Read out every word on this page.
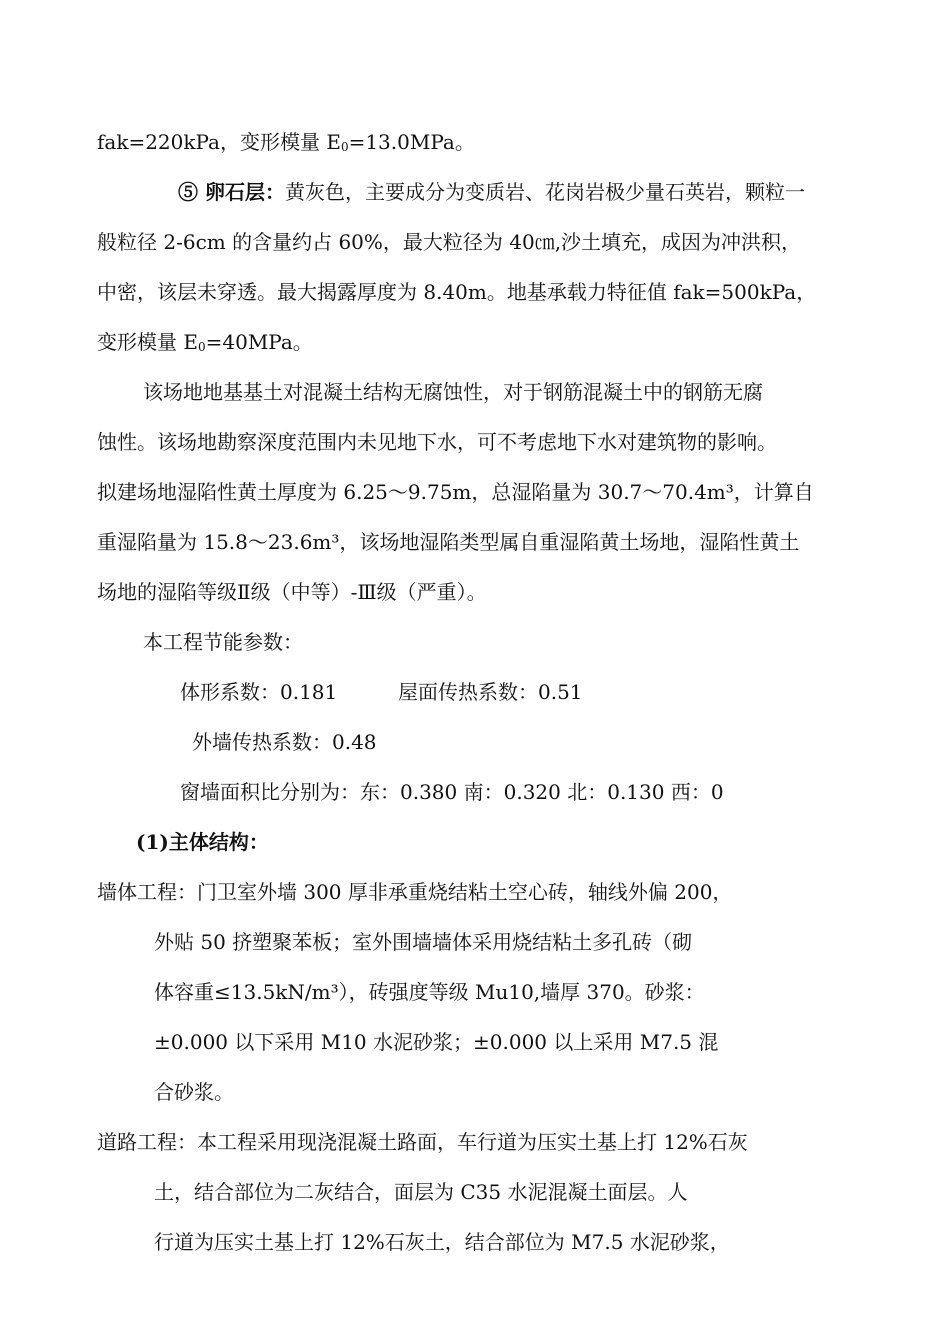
fak=220kPa，变形模量 $E_0=13.0MPa$。
⑤ 卵石层：黄灰色，主要成分为变质岩、花岗岩极少量石英岩，颗粒一
般粒径 2-6cm 的含量约占 60%，最大粒径为 40㎝,沙土填充，成因为冲洪积，
中密，该层未穿透。最大揭露厚度为 8.40m。地基承载力特征值 fak=500kPa，
变形模量 $E_0=40MPa$。
该场地地基基土对混凝土结构无腐蚀性，对于钢筋混凝土中的钢筋无腐
蚀性。该场地勘察深度范围内未见地下水，可不考虑地下水对建筑物的影响。
拟建场地湿陷性黄土厚度为 6.25～9.75m，总湿陷量为 30.7～70.4m³，计算自
重湿陷量为 15.8～23.6m³，该场地湿陷类型属自重湿陷黄土场地，湿陷性黄土
场地的湿陷等级Ⅱ级（中等）-Ⅲ级（严重）。
本工程节能参数：
体形系数：0.181	屋面传热系数：0.51
外墙传热系数：0.48
窗墙面积比分别为：东：0.380 南：0.320 北：0.130 西：0
(1)主体结构：
墙体工程：门卫室外墙 300 厚非承重烧结粘土空心砖，轴线外偏 200，
外贴 50 挤塑聚苯板；室外围墙墙体采用烧结粘土多孔砖（砌
体容重≤13.5kN/m³），砖强度等级 Mu10,墙厚 370。砂浆：
±0.000 以下采用 M10 水泥砂浆；±0.000 以上采用 M7.5 混
合砂浆。
道路工程：本工程采用现浇混凝土路面，车行道为压实土基上打 12%石灰
土，结合部位为二灰结合，面层为 C35 水泥混凝土面层。人
行道为压实土基上打 12%石灰土，结合部位为 M7.5 水泥砂浆，
